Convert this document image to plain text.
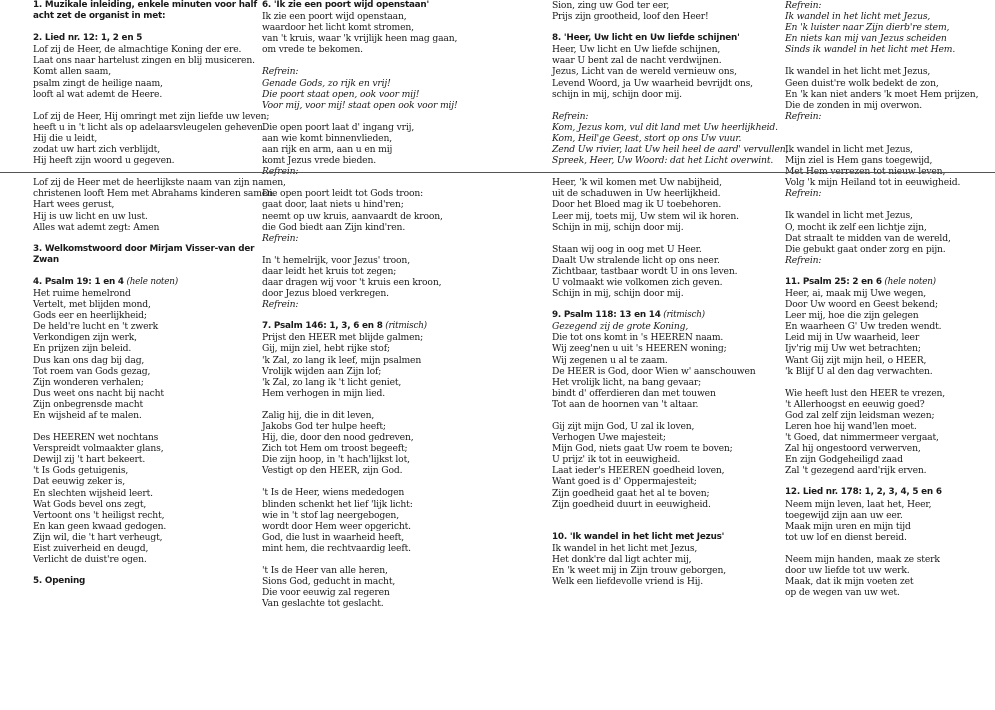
1. Muzikale inleiding, enkele minuten voor half
acht zet de organist in met:
2. Lied nr. 12: 1, 2 en 5
Lof zij de Heer, de almachtige Koning der ere.
Laat ons naar hartelust zingen en blij musiceren.
Komt allen saam,
psalm zingt de heilige naam,
looft al wat ademt de Heere.
Lof zij de Heer, Hij omringt met zijn liefde uw leven;
heeft u in 't licht als op adelaarsvleugelen geheven.
Hij die u leidt,
zodat uw hart zich verblijdt,
Hij heeft zijn woord u gegeven.
Lof zij de Heer met de heerlijkste naam van zijn namen,
christenen looft Hem met Abrahams kinderen samen.
Hart wees gerust,
Hij is uw licht en uw lust.
Alles wat ademt zegt: Amen
3. Welkomstwoord door Mirjam Visser-van der
Zwan
4. Psalm 19: 1 en 4 (hele noten)
Het ruime hemelrond
Vertelt, met blijden mond,
Gods eer en heerlijkheid;
De held're lucht en 't zwerk
Verkondigen zijn werk,
En prijzen zijn beleid.
Dus kan ons dag bij dag,
Tot roem van Gods gezag,
Zijn wonderen verhalen;
Dus weet ons nacht bij nacht
Zijn onbegrensde macht
En wijsheid af te malen.
Des HEEREN wet nochtans
Verspreidt volmaakter glans,
Dewijl zij 't hart bekeert.
't Is Gods getuigenis,
Dat eeuwig zeker is,
En slechten wijsheid leert.
Wat Gods bevel ons zegt,
Vertoont ons 't heiligst recht,
En kan geen kwaad gedogen.
Zijn wil, die 't hart verheugt,
Eist zuiverheid en deugd,
Verlicht de duist're ogen.
5. Opening
6. 'Ik zie een poort wijd openstaan'
Ik zie een poort wijd openstaan,
waardoor het licht komt stromen,
van 't kruis, waar 'k vrijlijk heen mag gaan,
om vrede te bekomen.
Refrein:
Genade Gods, zo rijk en vrij!
Die poort staat open, ook voor mij!
Voor mij, voor mij! staat open ook voor mij!
Die open poort laat d' ingang vrij,
aan wie komt binnenvlieden,
aan rijk en arm, aan u en mij
komt Jezus vrede bieden.
Refrein:
Die open poort leidt tot Gods troon:
gaat door, laat niets u hind'ren;
neemt op uw kruis, aanvaardt de kroon,
die God biedt aan Zijn kind'ren.
Refrein:
In 't hemelrijk, voor Jezus' troon,
daar leidt het kruis tot zegen;
daar dragen wij voor 't kruis een kroon,
door Jezus bloed verkregen.
Refrein:
7. Psalm 146: 1, 3, 6 en 8 (ritmisch)
Prijst den HEER met blijde galmen;
Gij, mijn ziel, hebt rijke stof;
'k Zal, zo lang ik leef, mijn psalmen
Vrolijk wijden aan Zijn lof;
'k Zal, zo lang ik 't licht geniet,
Hem verhogen in mijn lied.
Zalig hij, die in dit leven,
Jakobs God ter hulpe heeft;
Hij, die, door den nood gedreven,
Zich tot Hem om troost begeeft;
Die zijn hoop, in 't hach'lijkst lot,
Vestigt op den HEER, zijn God.
't Is de Heer, wiens mededogen
blinden schenkt het lief 'lijk licht:
wie in 't stof lag neergebogen,
wordt door Hem weer opgericht.
God, die lust in waarheid heeft,
mint hem, die rechtvaardig leeft.
't Is de Heer van alle heren,
Sions God, geducht in macht,
Die voor eeuwig zal regeren
Van geslachte tot geslacht.
Sion, zing uw God ter eer,
Prijs zijn grootheid, loof den Heer!
8. 'Heer, Uw licht en Uw liefde schijnen'
Heer, Uw licht en Uw liefde schijnen,
waar U bent zal de nacht verdwijnen.
Jezus, Licht van de wereld vernieuw ons,
Levend Woord, ja Uw waarheid bevrijdt ons,
schijn in mij, schijn door mij.
Refrein:
Kom, Jezus kom, vul dit land met Uw heerlijkheid.
Kom, Heil'ge Geest, stort op ons Uw vuur.
Zend Uw rivier, laat Uw heil heel de aard' vervullen,
Spreek, Heer, Uw Woord: dat het Licht overwint.
Heer, 'k wil komen met Uw nabijheid,
uit de schaduwen in Uw heerlijkheid.
Door het Bloed mag ik U toebehoren.
Leer mij, toets mij, Uw stem wil ik horen.
Schijn in mij, schijn door mij.
Staan wij oog in oog met U Heer.
Daalt Uw stralende licht op ons neer.
Zichtbaar, tastbaar wordt U in ons leven.
U volmaakt wie volkomen zich geven.
Schijn in mij, schijn door mij.
9. Psalm 118: 13 en 14 (ritmisch)
Gezegend zij de grote Koning,
Die tot ons komt in 's HEEREN naam.
Wij zeeg'nen u uit 's HEEREN woning;
Wij zegenen u al te zaam.
De HEER is God, door Wien w' aanschouwen
Het vrolijk licht, na bang gevaar;
bindt d' offerdieren dan met touwen
Tot aan de hoornen van 't altaar.
Gij zijt mijn God, U zal ik loven,
Verhogen Uwe majesteit;
Mijn God, niets gaat Uw roem te boven;
U prijz' ik tot in eeuwigheid.
Laat ieder's HEEREN goedheid loven,
Want goed is d' Oppermajesteit;
Zijn goedheid gaat het al te boven;
Zijn goedheid duurt in eeuwigheid.
10. 'Ik wandel in het licht met Jezus'
Ik wandel in het licht met Jezus,
Het donk're dal ligt achter mij,
En 'k weet mij in Zijn trouw geborgen,
Welk een liefdevolle vriend is Hij.
Refrein:
Ik wandel in het licht met Jezus,
En 'k luister naar Zijn dierb're stem,
En niets kan mij van Jezus scheiden
Sinds ik wandel in het licht met Hem.
Ik wandel in het licht met Jezus,
Geen duist're wolk bedekt de zon,
En 'k kan niet anders 'k moet Hem prijzen,
Die de zonden in mij overwon.
Refrein:
Ik wandel in licht met Jezus,
Mijn ziel is Hem gans toegewijd,
Met Hem verrezen tot nieuw leven,
Volg 'k mijn Heiland tot in eeuwigheid.
Refrein:
Ik wandel in licht met Jezus,
O, mocht ik zelf een lichtje zijn,
Dat straalt te midden van de wereld,
Die gebukt gaat onder zorg en pijn.
Refrein:
11. Psalm 25: 2 en 6 (hele noten)
Heer, ai, maak mij Uwe wegen,
Door Uw woord en Geest bekend;
Leer mij, hoe die zijn gelegen
En waarheen G' Uw treden wendt.
Leid mij in Uw waarheid, leer
Ijv'rig mij Uw wet betrachten;
Want Gij zijt mijn heil, o HEER,
'k Blijf U al den dag verwachten.
Wie heeft lust den HEER te vrezen,
't Allerhoogst en eeuwig goed?
God zal zelf zijn leidsman wezen;
Leren hoe hij wand'len moet.
't Goed, dat nimmermeer vergaat,
Zal hij ongestoord verwerven,
En zijn Godgeheiligd zaad
Zal 't gezegend aard'rijk erven.
12. Lied nr. 178: 1, 2, 3, 4, 5 en 6
Neem mijn leven, laat het, Heer,
toegewijd zijn aan uw eer.
Maak mijn uren en mijn tijd
tot uw lof en dienst bereid.
Neem mijn handen, maak ze sterk
door uw liefde tot uw werk.
Maak, dat ik mijn voeten zet
op de wegen van uw wet.
